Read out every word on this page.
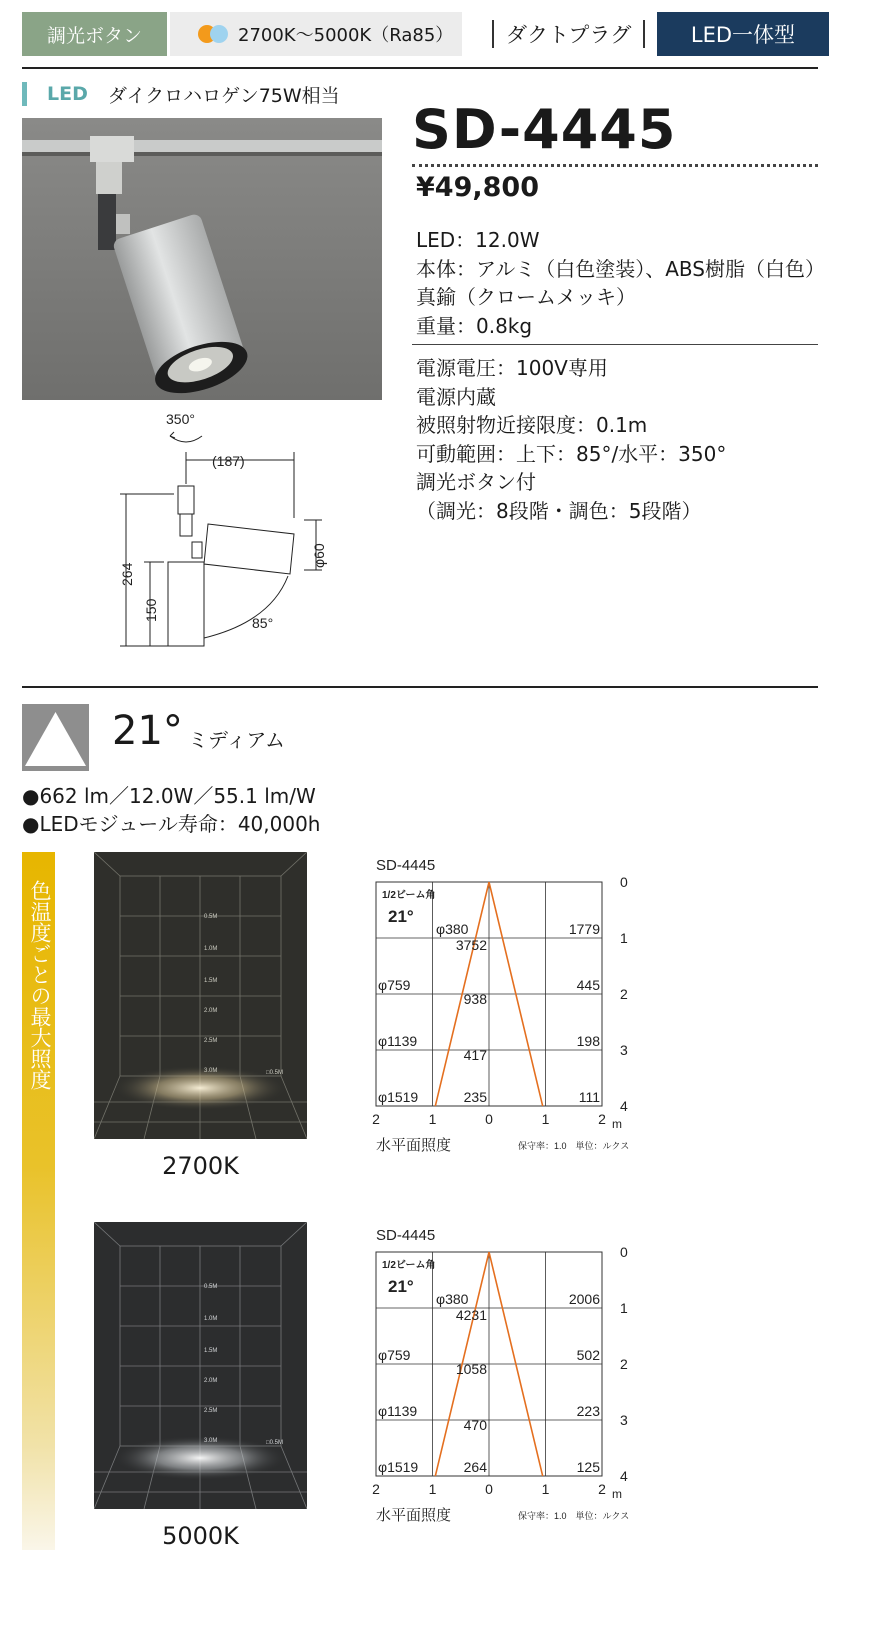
調光ボタン	2700K～5000K（Ra85）	ダクトプラグ	LED一体型
LED ダイクロハロゲン75W相当
SD-4445
¥49,800
LED：12.0W
本体：アルミ（白色塗装）、ABS樹脂（白色）
真鍮（クロームメッキ）
重量：0.8kg
電源電圧：100V専用
電源内蔵
被照射物近接限度：0.1m
可動範囲：上下：85°/水平：350°
調光ボタン付
（調光：8段階・調色：5段階）
350°
(187)
264
150
φ60
85°
21° ミディアム
●662 lm／12.0W／55.1 lm/W
●LEDモジュール寿命：40,000h
色温度ごとの最大照度	0.5M
1.0M
1.5M
2.0M
2.5M
3.0M	□0.5M
2700K
0.5M
1.0M
1.5M
2.0M
2.5M
3.0M	□0.5M
5000K
SD-4445
1/2ビーム角
21°
φ380
φ759
φ1139
φ1519
3752
938
417
235
1779
445
198
111
0
1
2
3
4
2	1	0	1	2 m
水平面照度	保守率：1.0　単位：ルクス
SD-4445
1/2ビーム角
21°
φ380
φ759
φ1139
φ1519
4231
1058
470
264
2006
502
223
125
0
1
2
3
4
2	1	0	1	2 m
水平面照度	保守率：1.0　単位：ルクス
